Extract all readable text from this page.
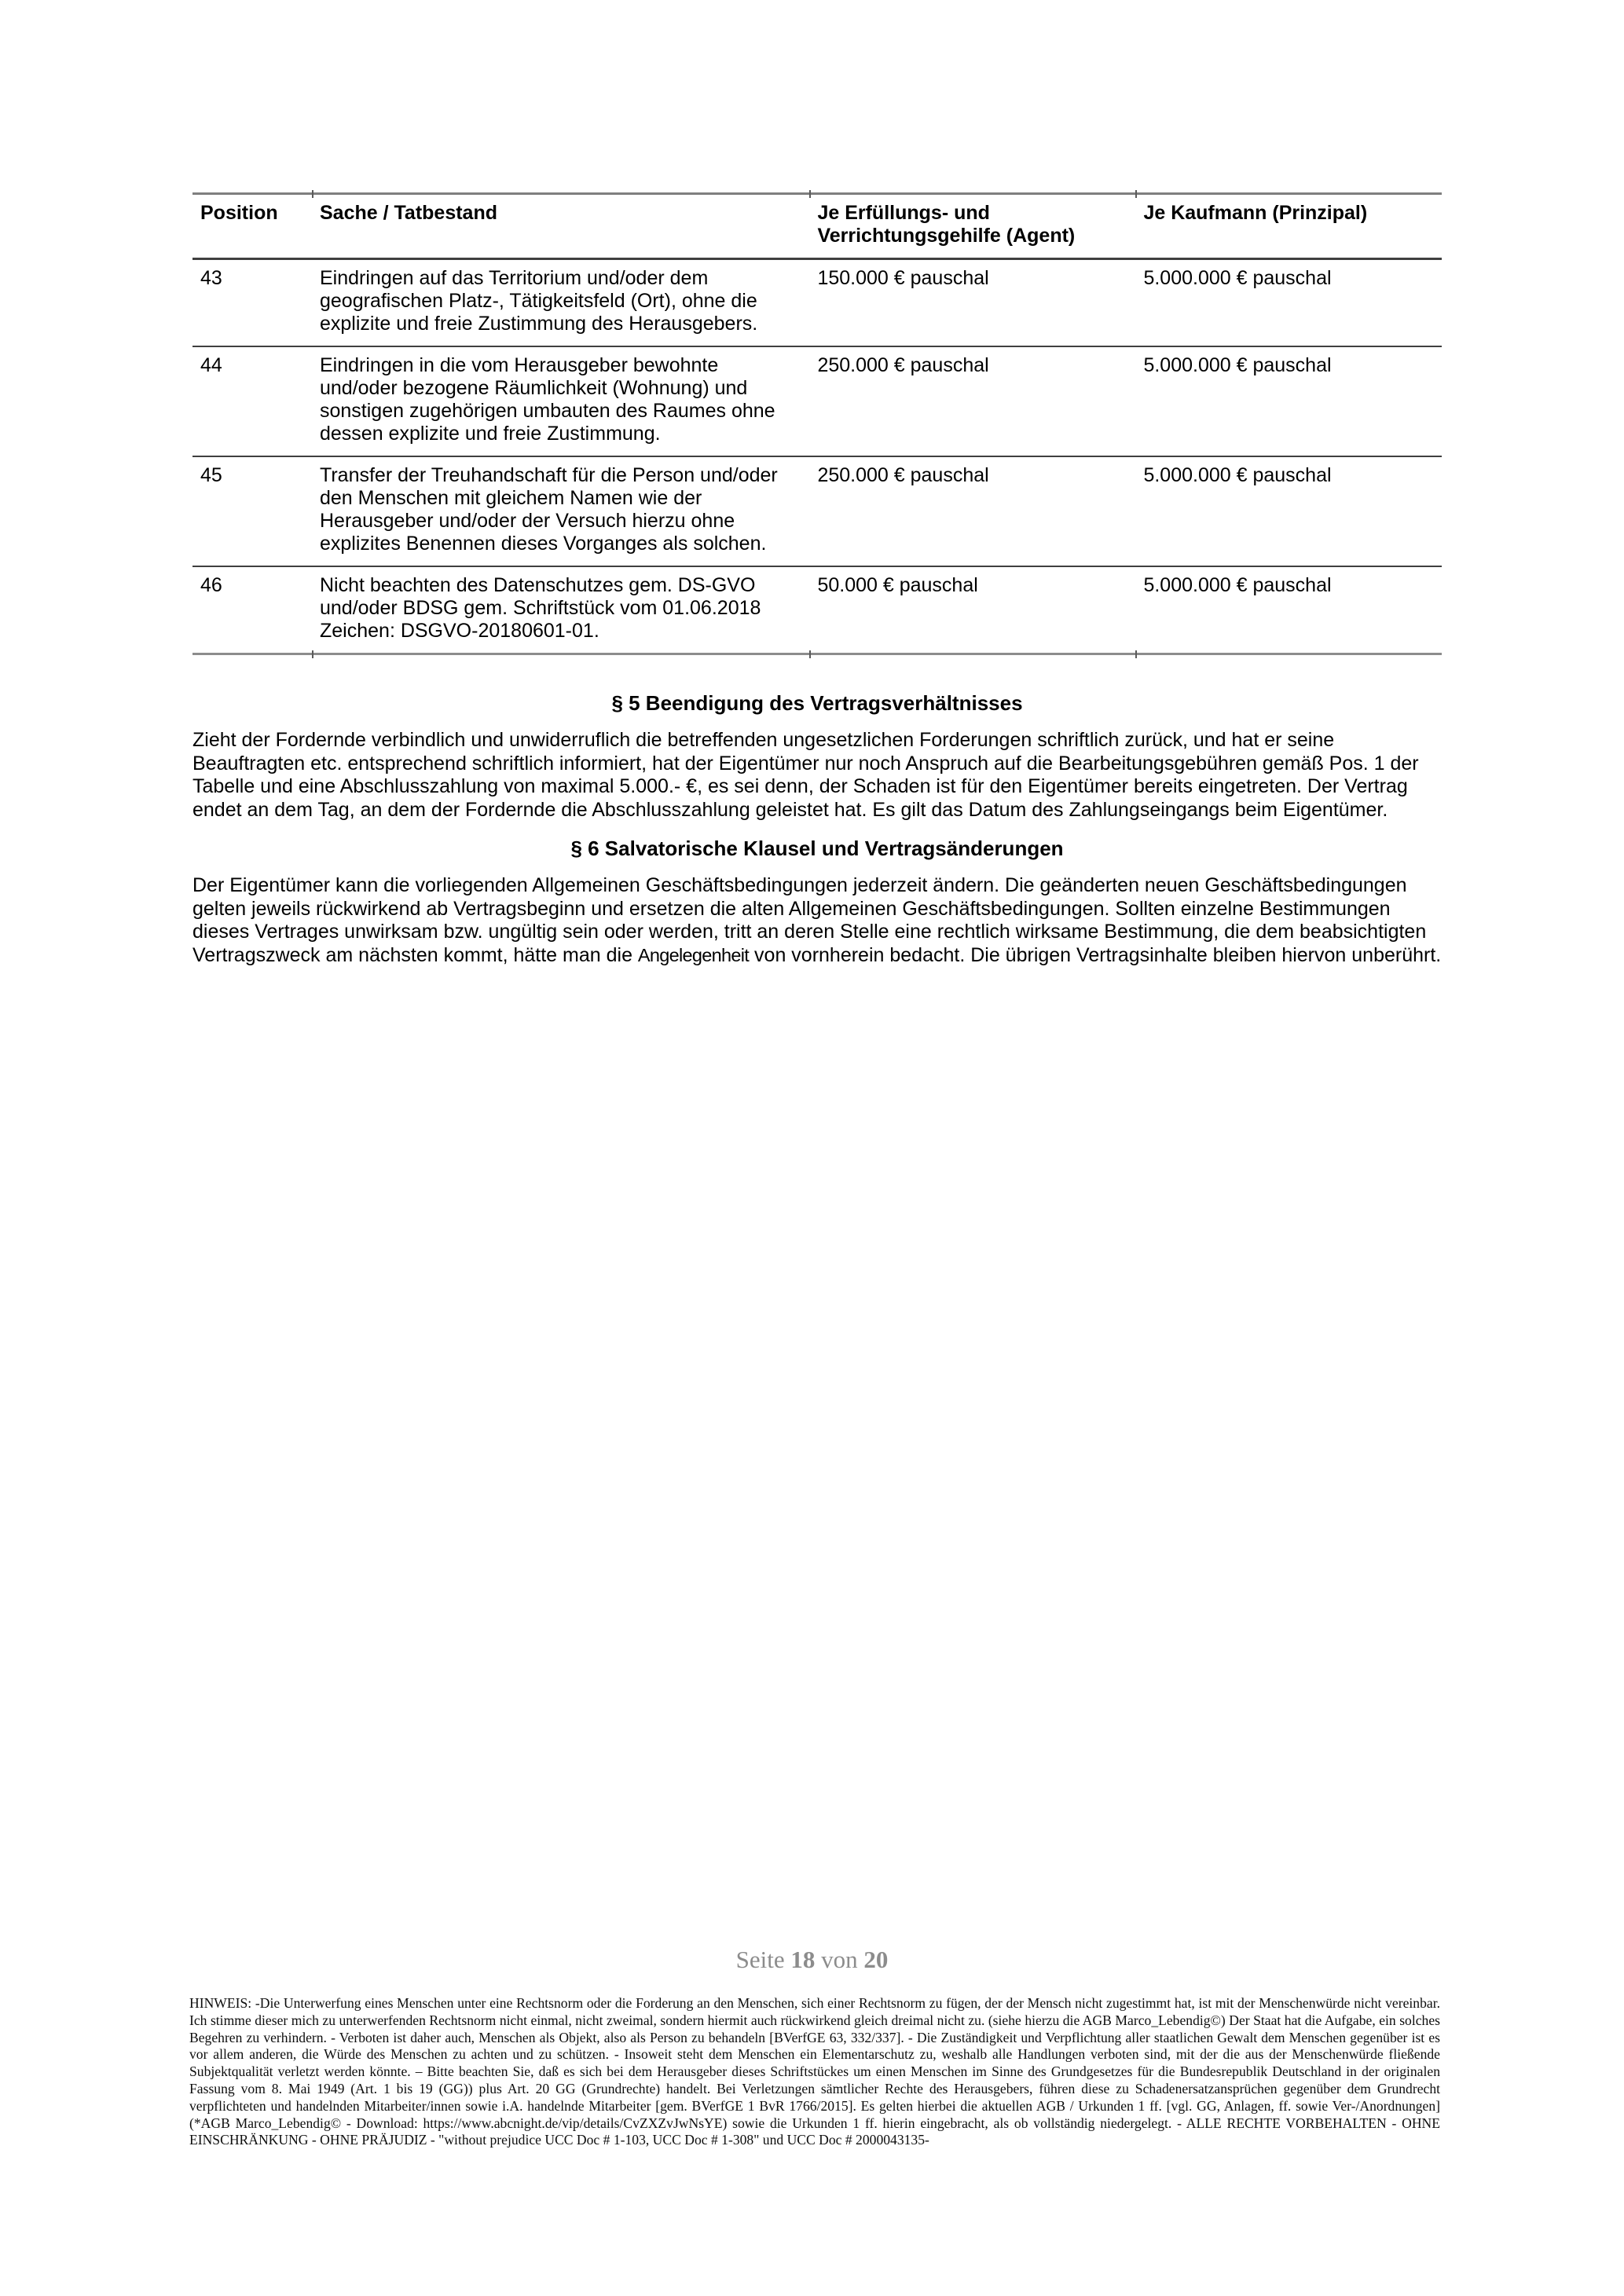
Position	Sache / Tatbestand	Je Erfüllungs- und Verrichtungsgehilfe (Agent)	Je Kaufmann (Prinzipal)
43	Eindringen auf das Territorium und/oder dem geografischen Platz-, Tätigkeitsfeld (Ort), ohne die explizite und freie Zustimmung des Herausgebers.	150.000 € pauschal	5.000.000 € pauschal
44	Eindringen in die vom Herausgeber bewohnte und/oder bezogene Räumlichkeit (Wohnung) und sonstigen zugehörigen umbauten des Raumes ohne dessen explizite und freie Zustimmung.	250.000 € pauschal	5.000.000 € pauschal
45	Transfer der Treuhandschaft für die Person und/oder den Menschen mit gleichem Namen wie der Herausgeber und/oder der Versuch hierzu ohne explizites Benennen dieses Vorganges als solchen.	250.000 € pauschal	5.000.000 € pauschal
46	Nicht beachten des Datenschutzes gem. DS-GVO und/oder BDSG gem. Schriftstück vom 01.06.2018 Zeichen: DSGVO-20180601-01.	50.000 € pauschal	5.000.000 € pauschal
§ 5 Beendigung des Vertragsverhältnisses

Zieht der Fordernde verbindlich und unwiderruflich die betreffenden ungesetzlichen Forderungen schriftlich zurück, und hat er seine Beauftragten etc. entsprechend schriftlich informiert, hat der Eigentümer nur noch Anspruch auf die Bearbeitungsgebühren gemäß Pos. 1 der Tabelle und eine Abschlusszahlung von maximal 5.000.- €, es sei denn, der Schaden ist für den Eigentümer bereits eingetreten. Der Vertrag endet an dem Tag, an dem der Fordernde die Abschlusszahlung geleistet hat. Es gilt das Datum des Zahlungseingangs beim Eigentümer.

§ 6 Salvatorische Klausel und Vertragsänderungen

Der Eigentümer kann die vorliegenden Allgemeinen Geschäftsbedingungen jederzeit ändern. Die geänderten neuen Geschäftsbedingungen gelten jeweils rückwirkend ab Vertragsbeginn und ersetzen die alten Allgemeinen Geschäftsbedingungen. Sollten einzelne Bestimmungen dieses Vertrages unwirksam bzw. ungültig sein oder werden, tritt an deren Stelle eine rechtlich wirksame Bestimmung, die dem beabsichtigten Vertragszweck am nächsten kommt, hätte man die Angelegenheit von vornherein bedacht. Die übrigen Vertragsinhalte bleiben hiervon unberührt.

Seite 18 von 20

HINWEIS: -Die Unterwerfung eines Menschen unter eine Rechtsnorm oder die Forderung an den Menschen, sich einer Rechtsnorm zu fügen, der der Mensch nicht zugestimmt hat, ist mit der Menschenwürde nicht vereinbar. Ich stimme dieser mich zu unterwerfenden Rechtsnorm nicht einmal, nicht zweimal, sondern hiermit auch rückwirkend gleich dreimal nicht zu. (siehe hierzu die AGB Marco_Lebendig©) Der Staat hat die Aufgabe, ein solches Begehren zu verhindern. - Verboten ist daher auch, Menschen als Objekt, also als Person zu behandeln [BVerfGE 63, 332/337]. - Die Zuständigkeit und Verpflichtung aller staatlichen Gewalt dem Menschen gegenüber ist es vor allem anderen, die Würde des Menschen zu achten und zu schützen. - Insoweit steht dem Menschen ein Elementarschutz zu, weshalb alle Handlungen verboten sind, mit der die aus der Menschenwürde fließende Subjektqualität verletzt werden könnte. – Bitte beachten Sie, daß es sich bei dem Herausgeber dieses Schriftstückes um einen Menschen im Sinne des Grundgesetzes für die Bundesrepublik Deutschland in der originalen Fassung vom 8. Mai 1949 (Art. 1 bis 19 (GG)) plus Art. 20 GG (Grundrechte) handelt. Bei Verletzungen sämtlicher Rechte des Herausgebers, führen diese zu Schadenersatzansprüchen gegenüber dem Grundrecht verpflichteten und handelnden Mitarbeiter/innen sowie i.A. handelnde Mitarbeiter [gem. BVerfGE 1 BvR 1766/2015]. Es gelten hierbei die aktuellen AGB / Urkunden 1 ff. [vgl. GG, Anlagen, ff. sowie Ver-/Anordnungen] (*AGB Marco_Lebendig© - Download: https://www.abcnight.de/vip/details/CvZXZvJwNsYE) sowie die Urkunden 1 ff. hierin eingebracht, als ob vollständig niedergelegt. - ALLE RECHTE VORBEHALTEN - OHNE EINSCHRÄNKUNG - OHNE PRÄJUDIZ - "without prejudice UCC Doc # 1-103, UCC Doc # 1-308" und UCC Doc # 2000043135-
